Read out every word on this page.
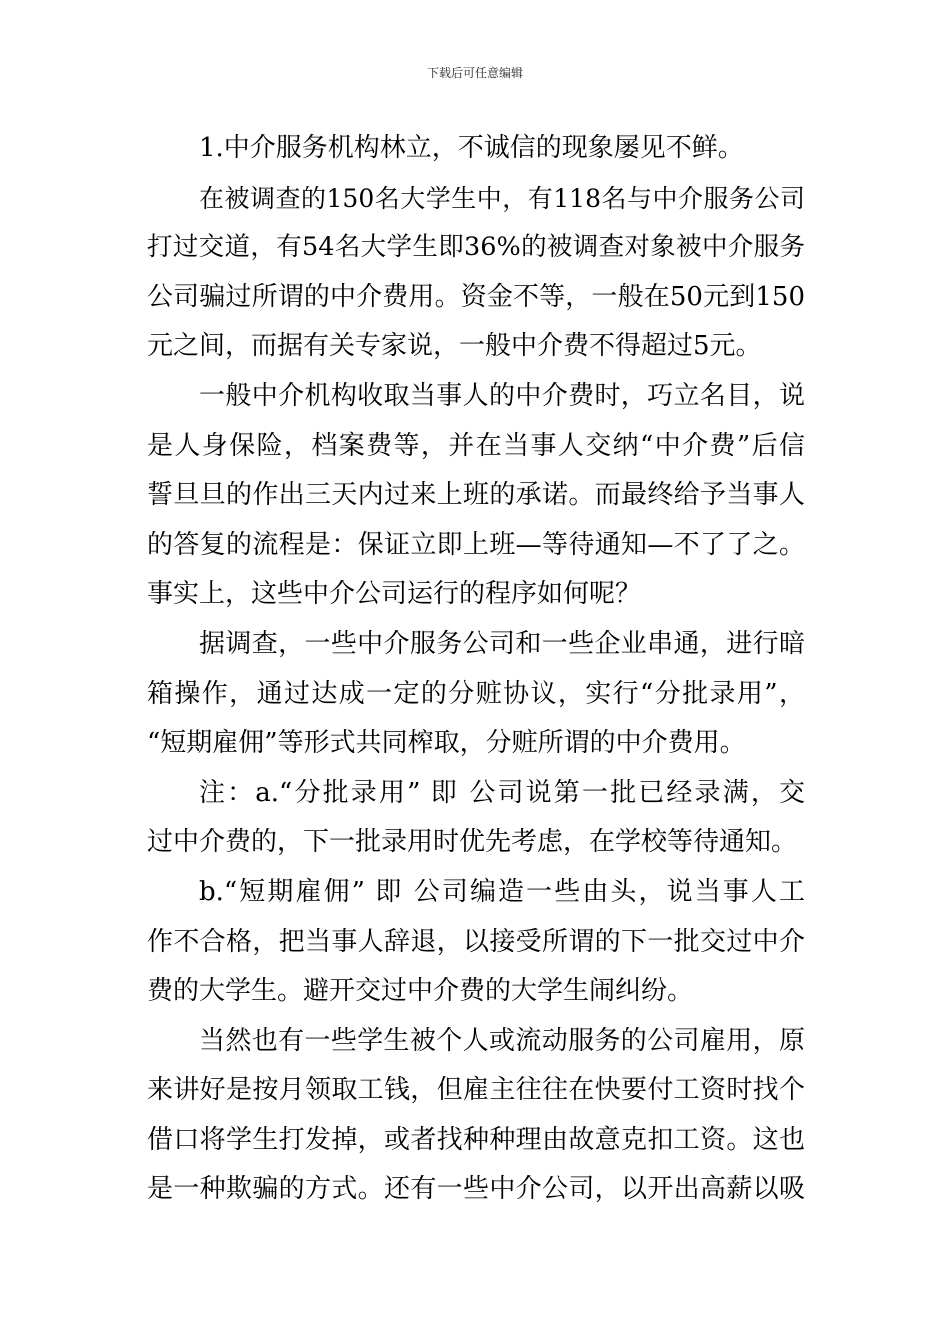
下载后可任意编辑
1.中介服务机构林立，不诚信的现象屡见不鲜。
在被调查的150名大学生中，有118名与中介服务公司
打过交道，有54名大学生即36%的被调查对象被中介服务
公司骗过所谓的中介费用。资金不等，一般在50元到150
元之间，而据有关专家说，一般中介费不得超过5元。
一般中介机构收取当事人的中介费时，巧立名目，说
是人身保险，档案费等，并在当事人交纳“中介费”后信
誓旦旦的作出三天内过来上班的承诺。而最终给予当事人
的答复的流程是：保证立即上班—等待通知—不了了之。
事实上，这些中介公司运行的程序如何呢？
据调查，一些中介服务公司和一些企业串通，进行暗
箱操作，通过达成一定的分赃协议，实行“分批录用”，
“短期雇佣”等形式共同榨取，分赃所谓的中介费用。
注：a.“分批录用” 即 公司说第一批已经录满，交
过中介费的，下一批录用时优先考虑，在学校等待通知。
b.“短期雇佣” 即 公司编造一些由头，说当事人工
作不合格，把当事人辞退，以接受所谓的下一批交过中介
费的大学生。避开交过中介费的大学生闹纠纷。
当然也有一些学生被个人或流动服务的公司雇用，原
来讲好是按月领取工钱，但雇主往往在快要付工资时找个
借口将学生打发掉，或者找种种理由故意克扣工资。这也
是一种欺骗的方式。还有一些中介公司，以开出高薪以吸
